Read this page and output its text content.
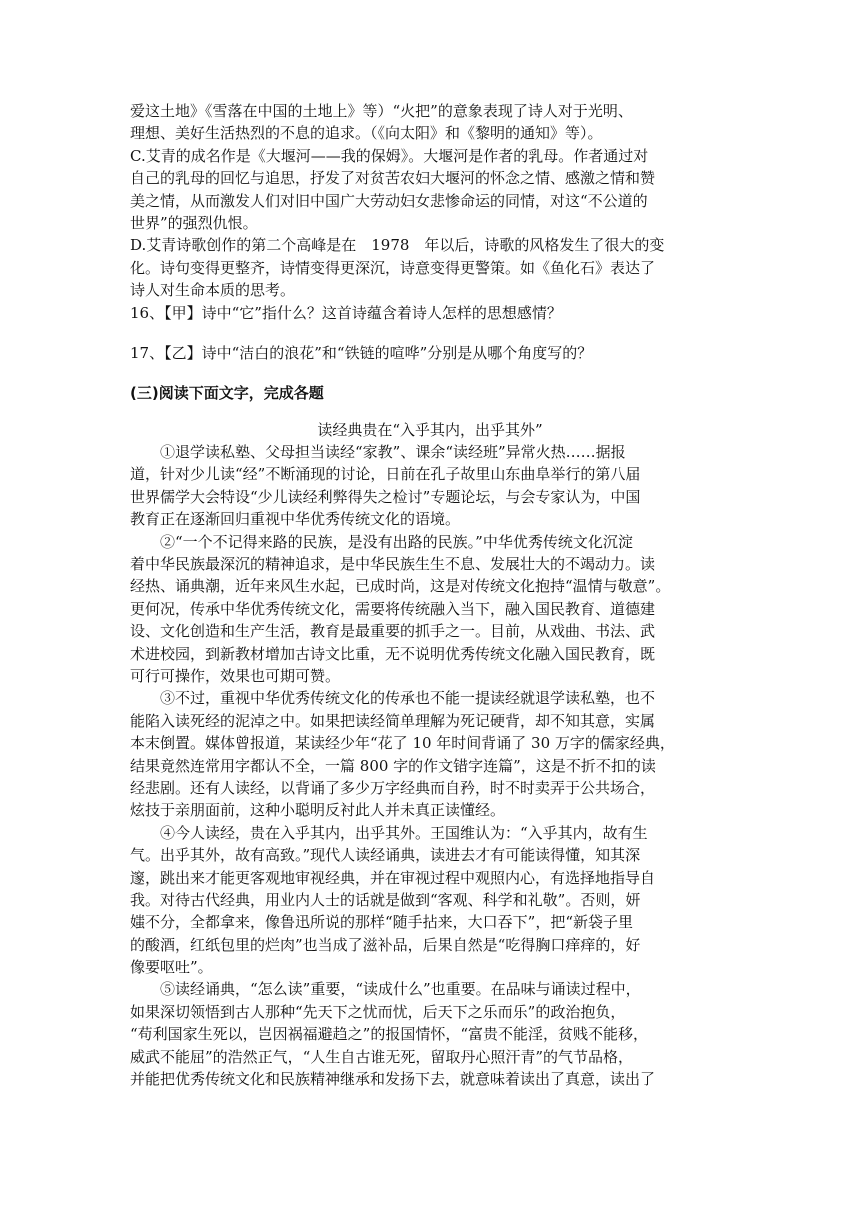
爱这土地》《雪落在中国的土地上》等）“火把”的意象表现了诗人对于光明、
理想、美好生活热烈的不息的追求。（《向太阳》和《黎明的通知》等）。
C.艾青的成名作是《大堰河——我的保姆》。大堰河是作者的乳母。作者通过对
自己的乳母的回忆与追思，抒发了对贫苦农妇大堰河的怀念之情、感激之情和赞
美之情，从而激发人们对旧中国广大劳动妇女悲惨命运的同情，对这“不公道的
世界”的强烈仇恨。
D.艾青诗歌创作的第二个高峰是在　1978　年以后，诗歌的风格发生了很大的变
化。诗句变得更整齐，诗情变得更深沉，诗意变得更警策。如《鱼化石》表达了
诗人对生命本质的思考。
16、【甲】诗中“它”指什么？这首诗蕴含着诗人怎样的思想感情？
17、【乙】诗中“洁白的浪花”和“铁链的喧哗”分别是从哪个角度写的？
(三)阅读下面文字，完成各题
读经典贵在“入乎其内，出乎其外”
①退学读私塾、父母担当读经“家教”、课余“读经班”异常火热……据报
道，针对少儿读“经”不断涌现的讨论，日前在孔子故里山东曲阜举行的第八届
世界儒学大会特设“少儿读经利弊得失之检讨”专题论坛，与会专家认为，中国
教育正在逐渐回归重视中华优秀传统文化的语境。
②“一个不记得来路的民族，是没有出路的民族。”中华优秀传统文化沉淀
着中华民族最深沉的精神追求，是中华民族生生不息、发展壮大的不竭动力。读
经热、诵典潮，近年来风生水起，已成时尚，这是对传统文化抱持“温情与敬意”。
更何况，传承中华优秀传统文化，需要将传统融入当下，融入国民教育、道德建
设、文化创造和生产生活，教育是最重要的抓手之一。目前，从戏曲、书法、武
术进校园，到新教材增加古诗文比重，无不说明优秀传统文化融入国民教育，既
可行可操作，效果也可期可赞。
③不过，重视中华优秀传统文化的传承也不能一提读经就退学读私塾，也不
能陷入读死经的泥淖之中。如果把读经简单理解为死记硬背，却不知其意，实属
本末倒置。媒体曾报道，某读经少年“花了 10 年时间背诵了 30 万字的儒家经典，
结果竟然连常用字都认不全，一篇 800 字的作文错字连篇”，这是不折不扣的读
经悲剧。还有人读经，以背诵了多少万字经典而自矜，时不时卖弄于公共场合，
炫技于亲朋面前，这种小聪明反衬此人并未真正读懂经。
④今人读经，贵在入乎其内，出乎其外。王国维认为：“入乎其内，故有生
气。出乎其外，故有高致。”现代人读经诵典，读进去才有可能读得懂，知其深
邃，跳出来才能更客观地审视经典，并在审视过程中观照内心，有选择地指导自
我。对待古代经典，用业内人士的话就是做到“客观、科学和礼敬”。否则，妍
媸不分，全都拿来，像鲁迅所说的那样“随手拈来，大口吞下”，把“新袋子里
的酸酒，红纸包里的烂肉”也当成了滋补品，后果自然是“吃得胸口痒痒的，好
像要呕吐”。
⑤读经诵典，“怎么读”重要，“读成什么”也重要。在品味与诵读过程中，
如果深切领悟到古人那种“先天下之忧而忧，后天下之乐而乐”的政治抱负，
“苟利国家生死以，岂因祸福避趋之”的报国情怀，“富贵不能淫，贫贱不能移，
威武不能屈”的浩然正气，“人生自古谁无死，留取丹心照汗青”的气节品格，
并能把优秀传统文化和民族精神继承和发扬下去，就意味着读出了真意，读出了
